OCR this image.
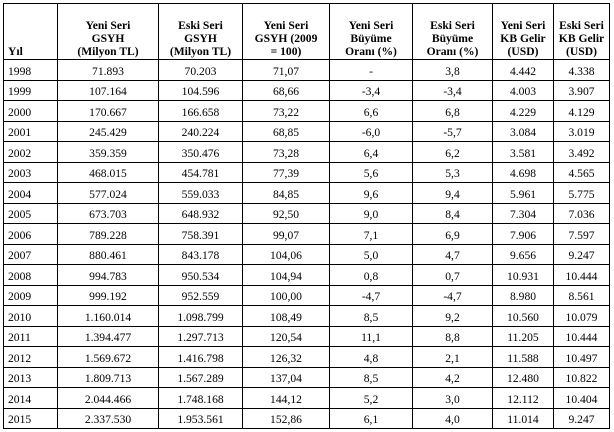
Yıl	Yeni Seri
GSYH
(Milyon TL)	Eski Seri
GSYH
(Milyon TL)	Yeni Seri
GSYH (2009
= 100)	Yeni Seri
Büyüme
Oranı (%)	Eski Seri
Büyüme
Oranı (%)	Yeni Seri
KB Gelir
(USD)	Eski Seri
KB Gelir
(USD)

1998	71.893	70.203	71,07	-	3,8	4.442	4.338
1999	107.164	104.596	68,66	-3,4	-3,4	4.003	3.907
2000	170.667	166.658	73,22	6,6	6,8	4.229	4.129
2001	245.429	240.224	68,85	-6,0	-5,7	3.084	3.019
2002	359.359	350.476	73,28	6,4	6,2	3.581	3.492
2003	468.015	454.781	77,39	5,6	5,3	4.698	4.565
2004	577.024	559.033	84,85	9,6	9,4	5.961	5.775
2005	673.703	648.932	92,50	9,0	8,4	7.304	7.036
2006	789.228	758.391	99,07	7,1	6,9	7.906	7.597
2007	880.461	843.178	104,06	5,0	4,7	9.656	9.247
2008	994.783	950.534	104,94	0,8	0,7	10.931	10.444
2009	999.192	952.559	100,00	-4,7	-4,7	8.980	8.561
2010	1.160.014	1.098.799	108,49	8,5	9,2	10.560	10.079
2011	1.394.477	1.297.713	120,54	11,1	8,8	11.205	10.444
2012	1.569.672	1.416.798	126,32	4,8	2,1	11.588	10.497
2013	1.809.713	1.567.289	137,04	8,5	4,2	12.480	10.822
2014	2.044.466	1.748.168	144,12	5,2	3,0	12.112	10.404
2015	2.337.530	1.953.561	152,86	6,1	4,0	11.014	9.247
